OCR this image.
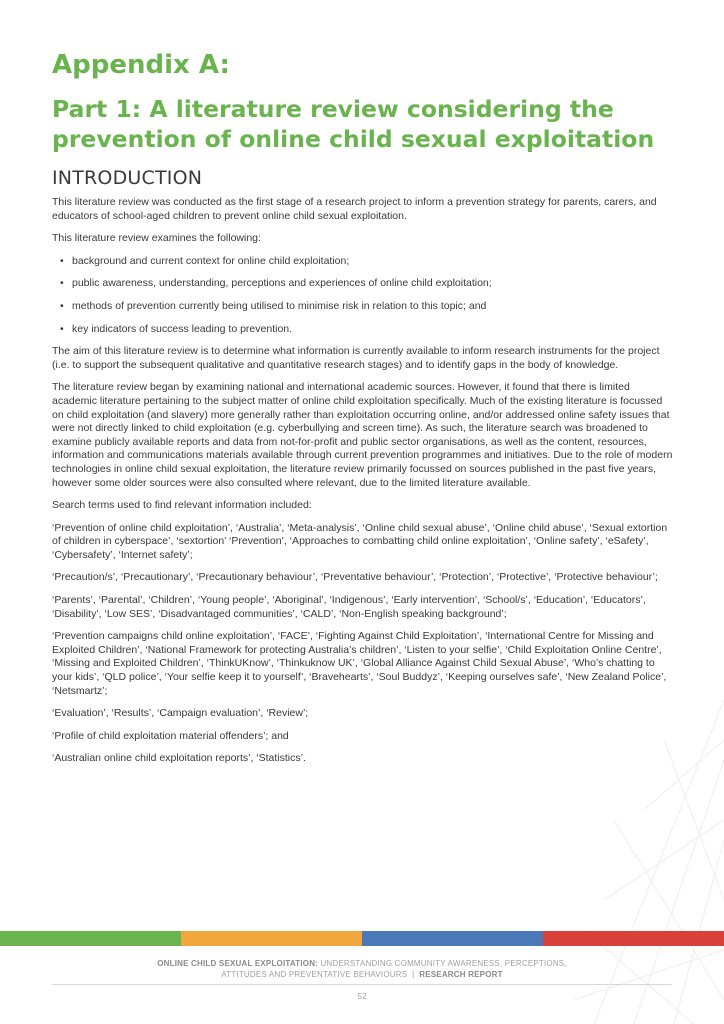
Appendix A:
Part 1: A literature review considering the
prevention of online child sexual exploitation
INTRODUCTION

This literature review was conducted as the first stage of a research project to inform a prevention strategy for parents, carers, and educators of school-aged children to prevent online child sexual exploitation.

This literature review examines the following:

• background and current context for online child exploitation;
• public awareness, understanding, perceptions and experiences of online child exploitation;
• methods of prevention currently being utilised to minimise risk in relation to this topic; and
• key indicators of success leading to prevention.

The aim of this literature review is to determine what information is currently available to inform research instruments for the project (i.e. to support the subsequent qualitative and quantitative research stages) and to identify gaps in the body of knowledge.

The literature review began by examining national and international academic sources. However, it found that there is limited academic literature pertaining to the subject matter of online child exploitation specifically. Much of the existing literature is focussed on child exploitation (and slavery) more generally rather than exploitation occurring online, and/or addressed online safety issues that were not directly linked to child exploitation (e.g. cyberbullying and screen time). As such, the literature search was broadened to examine publicly available reports and data from not-for-profit and public sector organisations, as well as the content, resources, information and communications materials available through current prevention programmes and initiatives. Due to the role of modern technologies in online child sexual exploitation, the literature review primarily focussed on sources published in the past five years, however some older sources were also consulted where relevant, due to the limited literature available.

Search terms used to find relevant information included:

‘Prevention of online child exploitation’, ‘Australia’, ‘Meta-analysis’, ‘Online child sexual abuse’, ‘Online child abuse’, ‘Sexual extortion of children in cyberspace’, ‘sextortion’ ‘Prevention’, ‘Approaches to combatting child online exploitation’, ‘Online safety’, ‘eSafety’, ‘Cybersafety’, ‘Internet safety’;

‘Precaution/s’, ‘Precautionary’, ‘Precautionary behaviour’, ‘Preventative behaviour’, ‘Protection’, ‘Protective’, ‘Protective behaviour’;

‘Parents’, ‘Parental’, ‘Children’, ‘Young people’, ‘Aboriginal’, ‘Indigenous’, ‘Early intervention’, ‘School/s’, ‘Education’, ‘Educators’, ‘Disability’, ‘Low SES’, ‘Disadvantaged communities’, ‘CALD’, ‘Non-English speaking background’;

‘Prevention campaigns child online exploitation’, ‘FACE’, ‘Fighting Against Child Exploitation’, ‘International Centre for Missing and Exploited Children’, ‘National Framework for protecting Australia’s children’, ‘Listen to your selfie’, ‘Child Exploitation Online Centre’, ‘Missing and Exploited Children’, ‘ThinkUKnow’, ‘Thinkuknow UK’, ‘Global Alliance Against Child Sexual Abuse’, ‘Who’s chatting to your kids’, ‘QLD police’, ‘Your selfie keep it to yourself’, ‘Bravehearts’, ‘Soul Buddyz’, ‘Keeping ourselves safe’, ‘New Zealand Police’, ‘Netsmartz’;

‘Evaluation’, ‘Results’, ‘Campaign evaluation’, ‘Review’;

‘Profile of child exploitation material offenders’; and

‘Australian online child exploitation reports’, ‘Statistics’.

ONLINE CHILD SEXUAL EXPLOITATION: UNDERSTANDING COMMUNITY AWARENESS, PERCEPTIONS,
ATTITUDES AND PREVENTATIVE BEHAVIOURS | RESEARCH REPORT
52
